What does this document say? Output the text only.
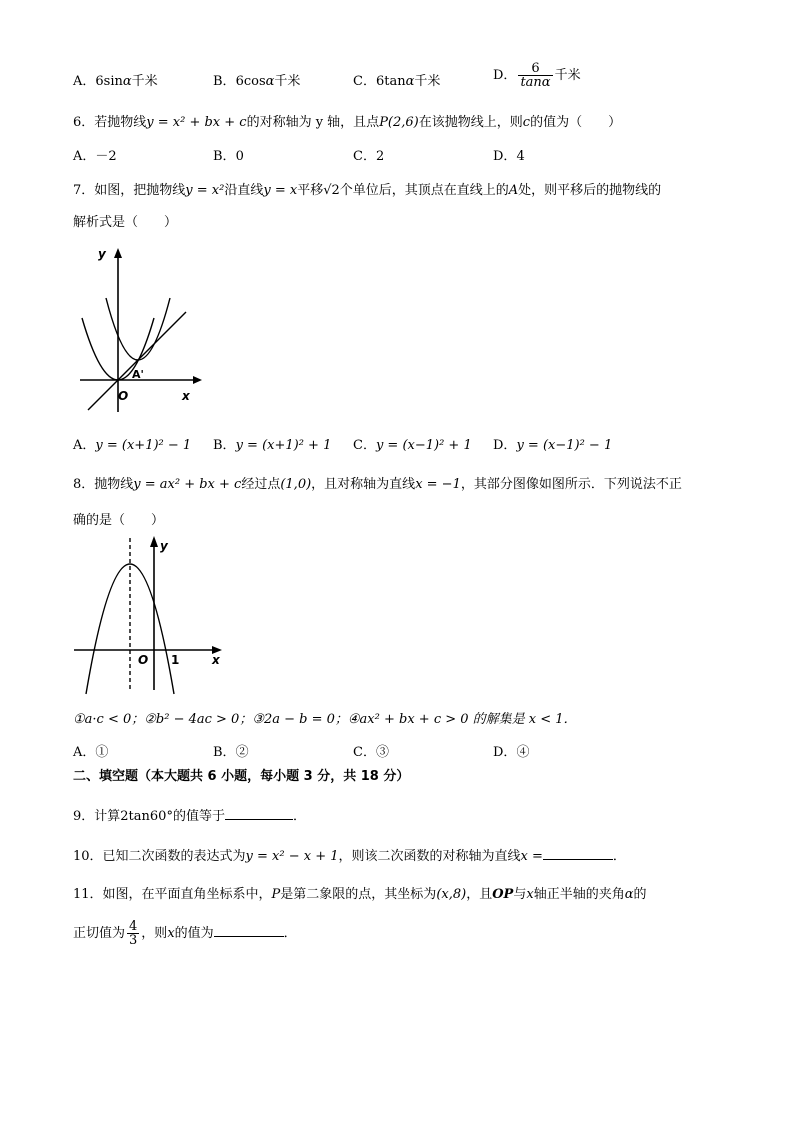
A．6sinα千米	B．6cosα千米	C．6tanα千米	D． $\frac{6}{\tan\alpha}$ 千米
6．若抛物线y = x² + bx + c的对称轴为 y 轴，且点P(2,6)在该抛物线上，则c的值为（　　）
A．－2	B．0	C．2	D．4
7．如图，把抛物线y = x²沿直线y = x平移√2个单位后，其顶点在直线上的A处，则平移后的抛物线的
解析式是（　　）
y
x
O
A'
A．y = (x+1)² − 1 B．y = (x+1)² + 1 C．y = (x−1)² + 1 D．y = (x−1)² − 1
8．抛物线y = ax² + bx + c经过点(1,0)，且对称轴为直线x = −1，其部分图像如图所示．下列说法不正
确的是（　　）
y
x
O 1
①a·c < 0；②b² − 4ac > 0；③2a − b = 0；④ax² + bx + c > 0 的解集是 x < 1．
A．①	B．②	C．③	D．④
二、填空题（本大题共 6 小题，每小题 3 分，共 18 分）
9．计算2tan60°的值等于	．
10．已知二次函数的表达式为y = x² − x + 1，则该二次函数的对称轴为直线x =	．
11．如图，在平面直角坐标系中，P是第二象限的点，其坐标为(x,8)，且OP与x轴正半轴的夹角α的
正切值为 $\frac{4}{3}$ ，则x的值为	．
